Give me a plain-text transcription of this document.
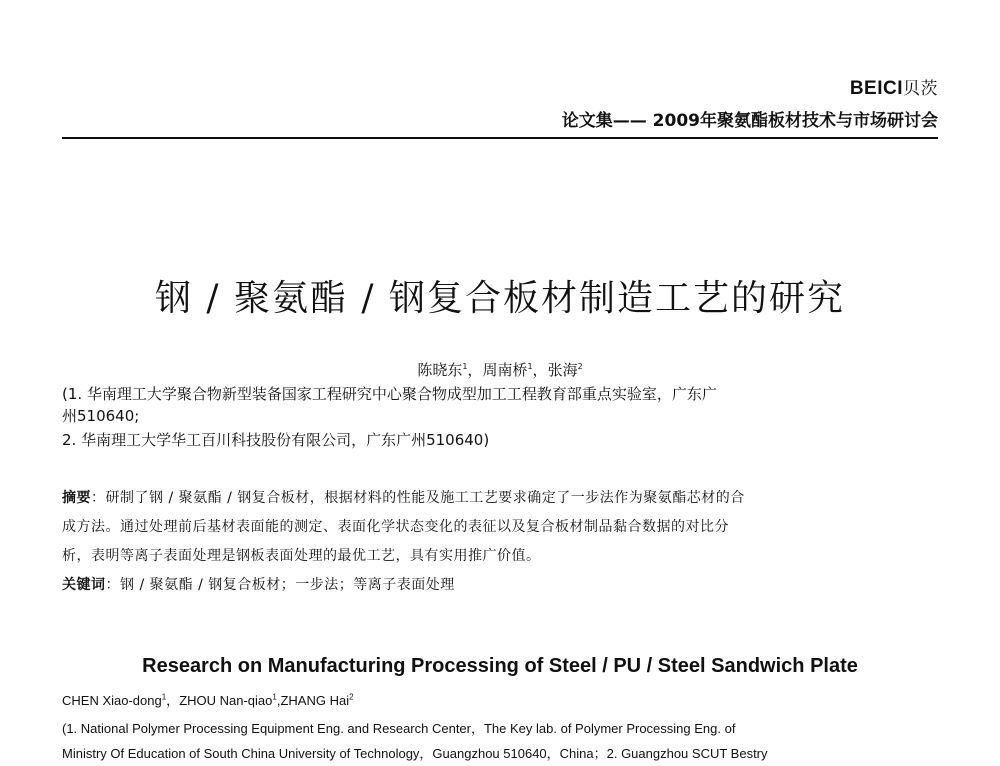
BEICI贝茨
论文集—— 2009年聚氨酯板材技术与市场研讨会
钢 / 聚氨酯 / 钢复合板材制造工艺的研究
陈晓东$^1$，周南桥$^1$，张海$^2$
(1. 华南理工大学聚合物新型装备国家工程研究中心聚合物成型加工工程教育部重点实验室，广东广
州510640;
2. 华南理工大学华工百川科技股份有限公司，广东广州510640)
摘要：研制了钢 / 聚氨酯 / 钢复合板材，根据材料的性能及施工工艺要求确定了一步法作为聚氨酯芯材的合
成方法。通过处理前后基材表面能的测定、表面化学状态变化的表征以及复合板材制品黏合数据的对比分
析，表明等离子表面处理是钢板表面处理的最优工艺，具有实用推广价值。
关键词：钢 / 聚氨酯 / 钢复合板材；一步法；等离子表面处理
Research on Manufacturing Processing of Steel / PU / Steel Sandwich Plate
CHEN Xiao-dong$^1$，ZHOU Nan-qiao$^1$,ZHANG Hai$^2$
(1. National Polymer Processing Equipment Eng. and Research Center，The Key lab. of Polymer Processing Eng. of
Ministry Of Education of South China University of Technology，Guangzhou 510640，China；2. Guangzhou SCUT Bestry
